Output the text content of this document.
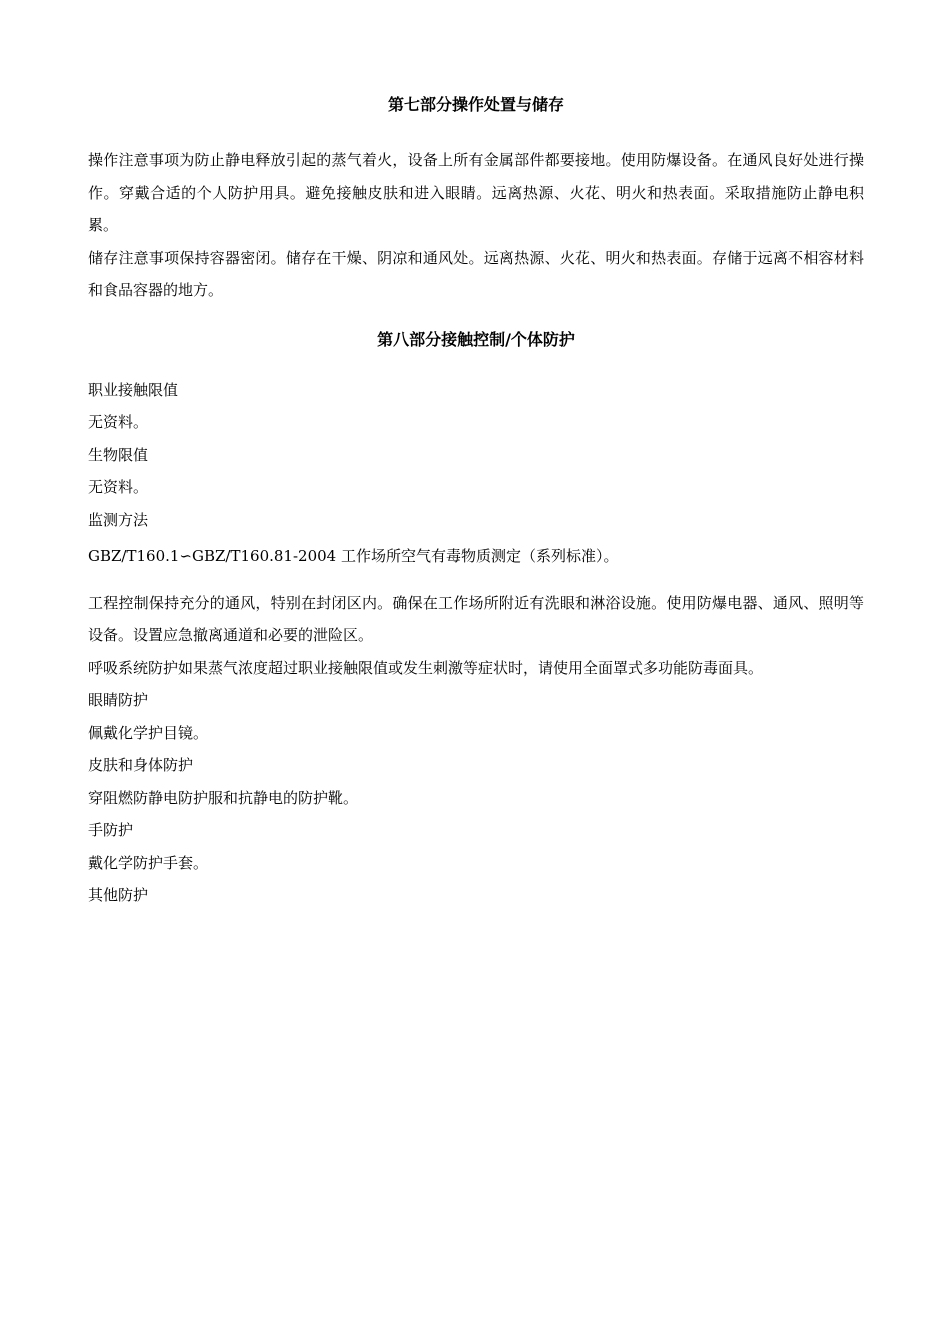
第七部分操作处置与储存

操作注意事项为防止静电释放引起的蒸气着火，设备上所有金属部件都要接地。使用防爆设备。在通风良好处进行操作。穿戴合适的个人防护用具。避免接触皮肤和进入眼睛。远离热源、火花、明火和热表面。采取措施防止静电积累。

储存注意事项保持容器密闭。储存在干燥、阴凉和通风处。远离热源、火花、明火和热表面。存储于远离不相容材料和食品容器的地方。

第八部分接触控制/个体防护

职业接触限值

无资料。

生物限值

无资料。

监测方法

GBZ/T160.1∽GBZ/T160.81-2004 工作场所空气有毒物质测定（系列标准）。

工程控制保持充分的通风，特别在封闭区内。确保在工作场所附近有洗眼和淋浴设施。使用防爆电器、通风、照明等设备。设置应急撤离通道和必要的泄险区。

呼吸系统防护如果蒸气浓度超过职业接触限值或发生刺激等症状时，请使用全面罩式多功能防毒面具。

眼睛防护

佩戴化学护目镜。

皮肤和身体防护

穿阻燃防静电防护服和抗静电的防护靴。

手防护

戴化学防护手套。

其他防护
